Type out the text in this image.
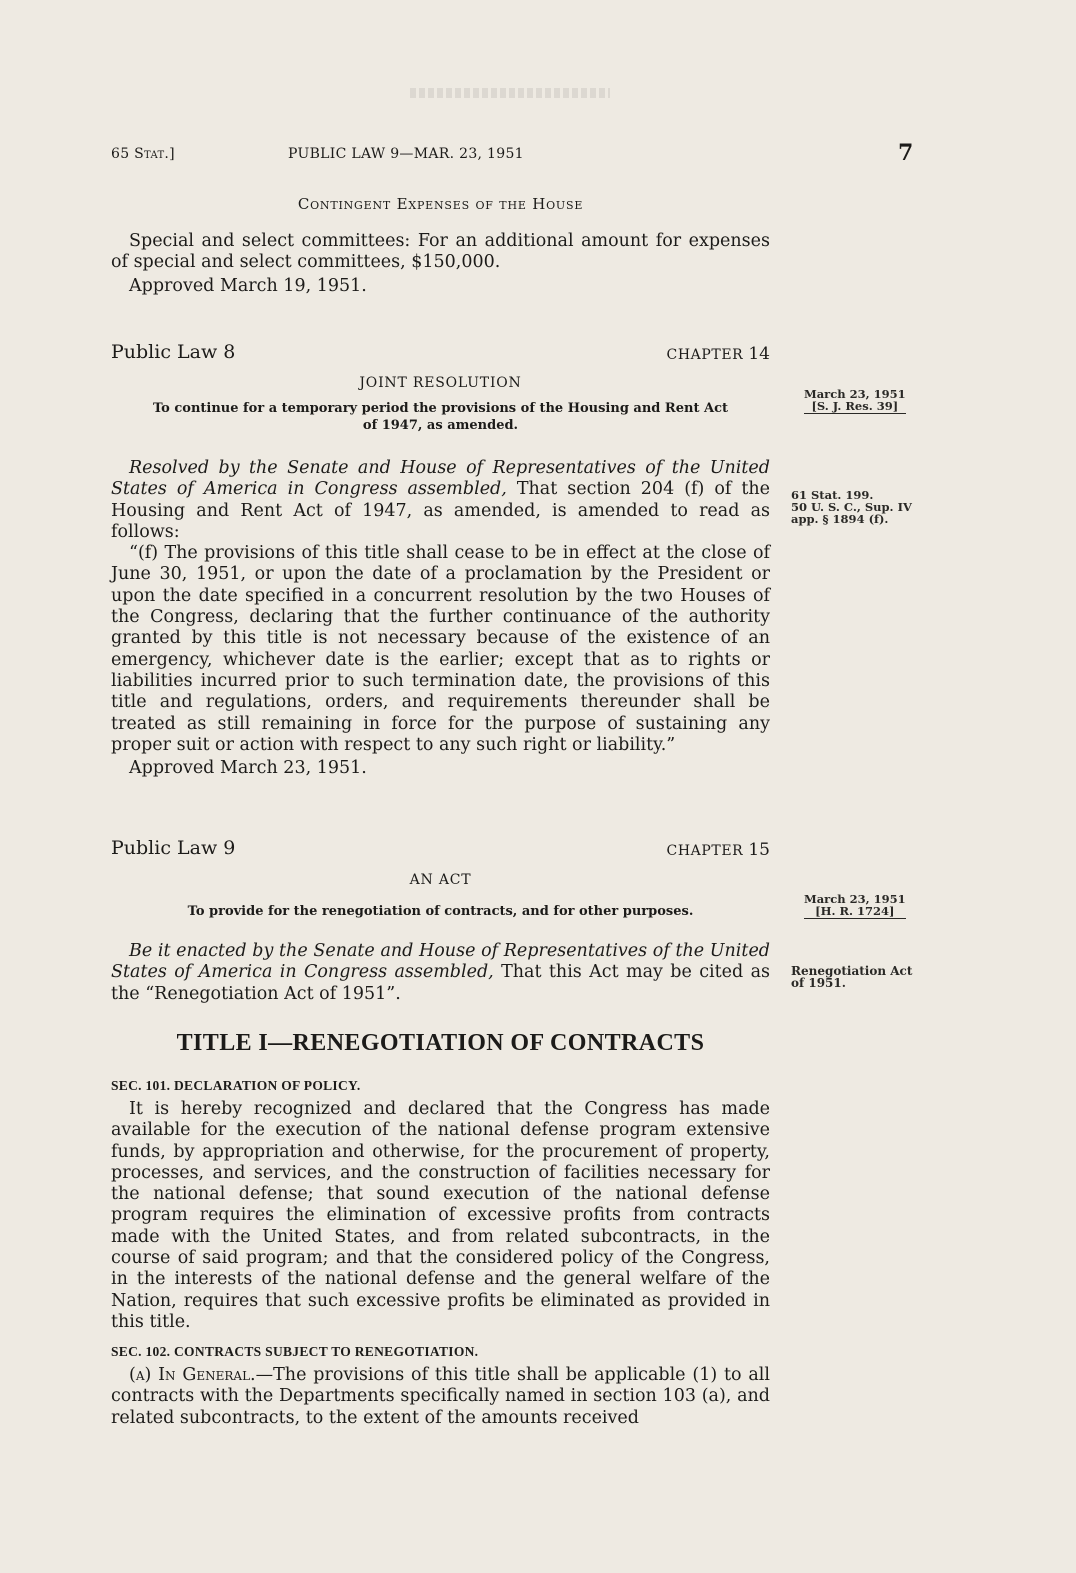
65 Stat.]	PUBLIC LAW 9—MAR. 23, 1951	7
Contingent Expenses of the House

Special and select committees: For an additional amount for expenses of special and select committees, $150,000.

Approved March 19, 1951.

Public Law 8	CHAPTER 14
JOINT RESOLUTION
March 23, 1951
[S. J. Res. 39]
To continue for a temporary period the provisions of the Housing and Rent Act
of 1947, as amended.

Resolved by the Senate and House of Representatives of the United States of America in Congress assembled, That section 204 (f) of the Housing and Rent Act of 1947, as amended, is amended to read as follows:

“(f) The provisions of this title shall cease to be in effect at the close of June 30, 1951, or upon the date of a proclamation by the President or upon the date specified in a concurrent resolution by the two Houses of the Congress, declaring that the further continuance of the authority granted by this title is not necessary because of the existence of an emergency, whichever date is the earlier; except that as to rights or liabilities incurred prior to such termination date, the provisions of this title and regulations, orders, and requirements thereunder shall be treated as still remaining in force for the purpose of sustaining any proper suit or action with respect to any such right or liability.”

Approved March 23, 1951.

61 Stat. 199.
50 U. S. C., Sup. IV
app. § 1894 (f).
Public Law 9	CHAPTER 15
AN ACT
To provide for the renegotiation of contracts, and for other purposes.
March 23, 1951
[H. R. 1724]

Be it enacted by the Senate and House of Representatives of the United States of America in Congress assembled, That this Act may be cited as the “Renegotiation Act of 1951”.

Renegotiation Act
of 1951.
TITLE I—RENEGOTIATION OF CONTRACTS
SEC. 101. DECLARATION OF POLICY.

It is hereby recognized and declared that the Congress has made available for the execution of the national defense program extensive funds, by appropriation and otherwise, for the procurement of property, processes, and services, and the construction of facilities necessary for the national defense; that sound execution of the national defense program requires the elimination of excessive profits from contracts made with the United States, and from related subcontracts, in the course of said program; and that the considered policy of the Congress, in the interests of the national defense and the general welfare of the Nation, requires that such excessive profits be eliminated as provided in this title.

SEC. 102. CONTRACTS SUBJECT TO RENEGOTIATION.

(a) In General.—The provisions of this title shall be applicable (1) to all contracts with the Departments specifically named in section 103 (a), and related subcontracts, to the extent of the amounts received
